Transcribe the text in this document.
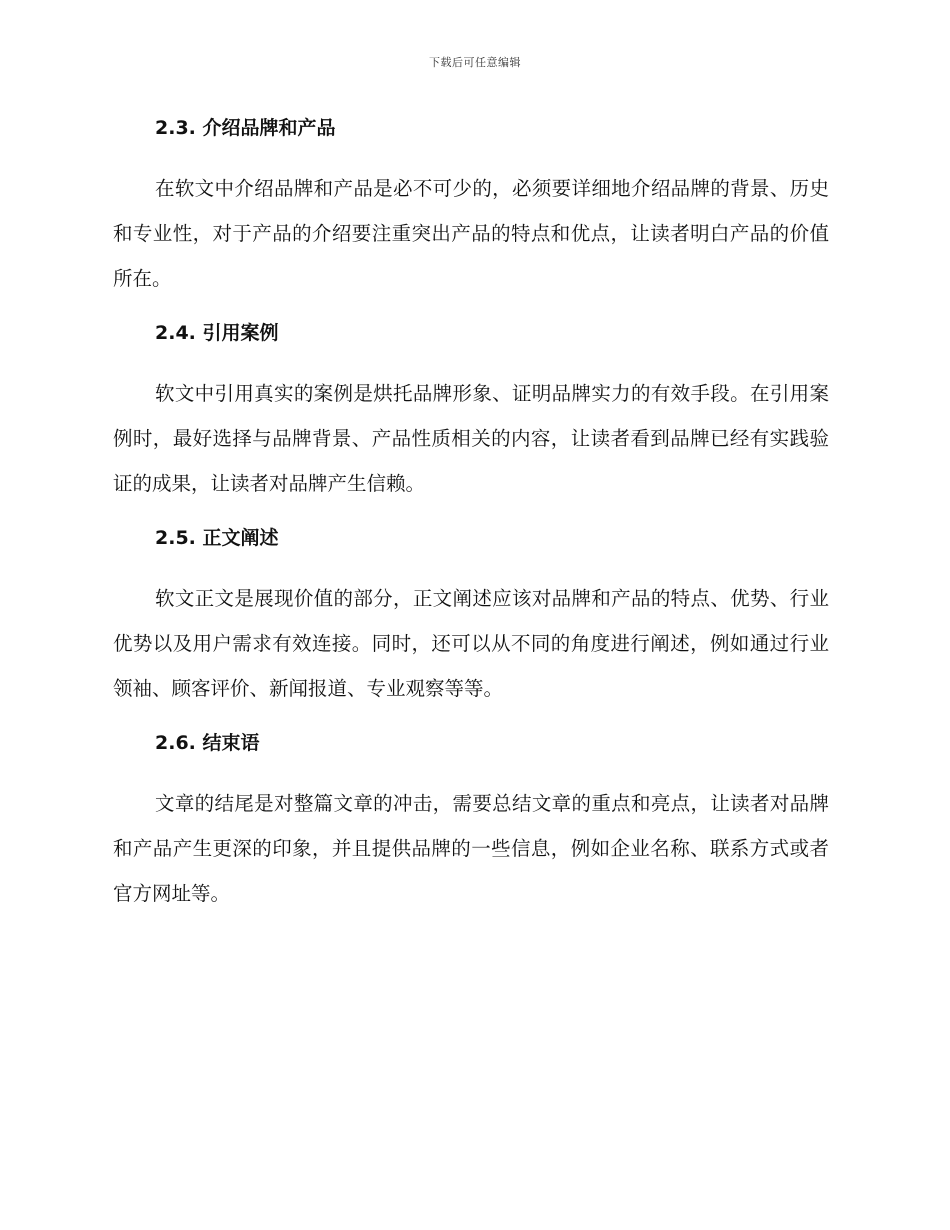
下载后可任意编辑
2.3. 介绍品牌和产品

在软文中介绍品牌和产品是必不可少的，必须要详细地介绍品牌的背景、历史和专业性，对于产品的介绍要注重突出产品的特点和优点，让读者明白产品的价值所在。

2.4. 引用案例

软文中引用真实的案例是烘托品牌形象、证明品牌实力的有效手段。在引用案例时，最好选择与品牌背景、产品性质相关的内容，让读者看到品牌已经有实践验证的成果，让读者对品牌产生信赖。

2.5. 正文阐述

软文正文是展现价值的部分，正文阐述应该对品牌和产品的特点、优势、行业优势以及用户需求有效连接。同时，还可以从不同的角度进行阐述，例如通过行业领袖、顾客评价、新闻报道、专业观察等等。

2.6. 结束语

文章的结尾是对整篇文章的冲击，需要总结文章的重点和亮点，让读者对品牌和产品产生更深的印象，并且提供品牌的一些信息，例如企业名称、联系方式或者官方网址等。
